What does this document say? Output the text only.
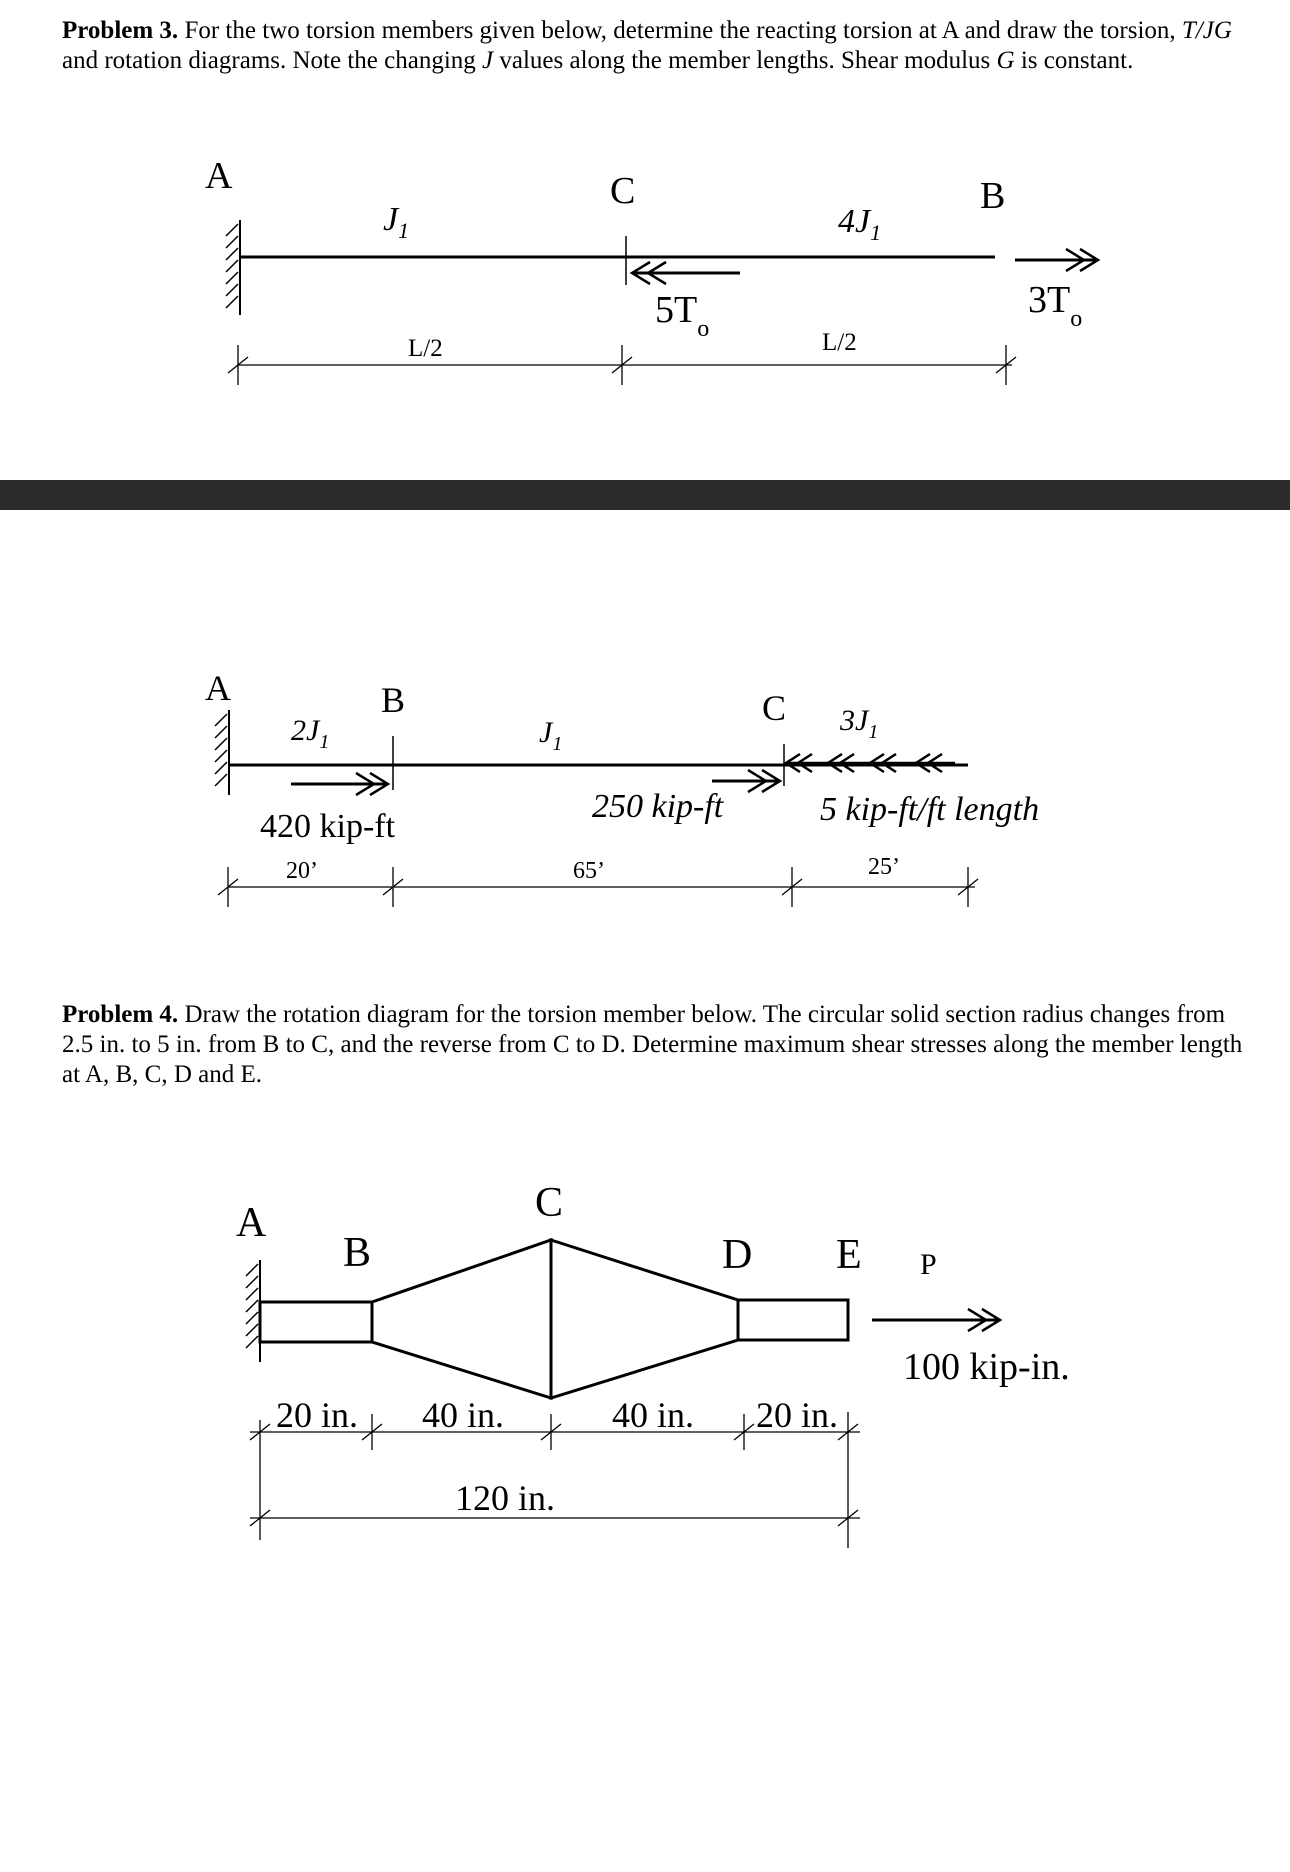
Problem 3. For the two torsion members given below, determine the reacting torsion at A and draw the torsion, T/JG and rotation diagrams. Note the changing J values along the member lengths. Shear modulus G is constant.

A	C	B
$J_1$	$4J_1$
$5T_o$
$3T_o$
L/2	L/2
A	B	C
$2J_1$	$J_1$
$3J_1$
420 kip-ft
250 kip-ft	5 kip-ft/ft length
20’	65’	25’

Problem 4. Draw the rotation diagram for the torsion member below. The circular solid section radius changes from 2.5 in. to 5 in. from B to C, and the reverse from C to D. Determine maximum shear stresses along the member length at A, B, C, D and E.

A
B
C
D E P
100 kip-in.
20 in. 40 in.	40 in. 20 in.
120 in.
